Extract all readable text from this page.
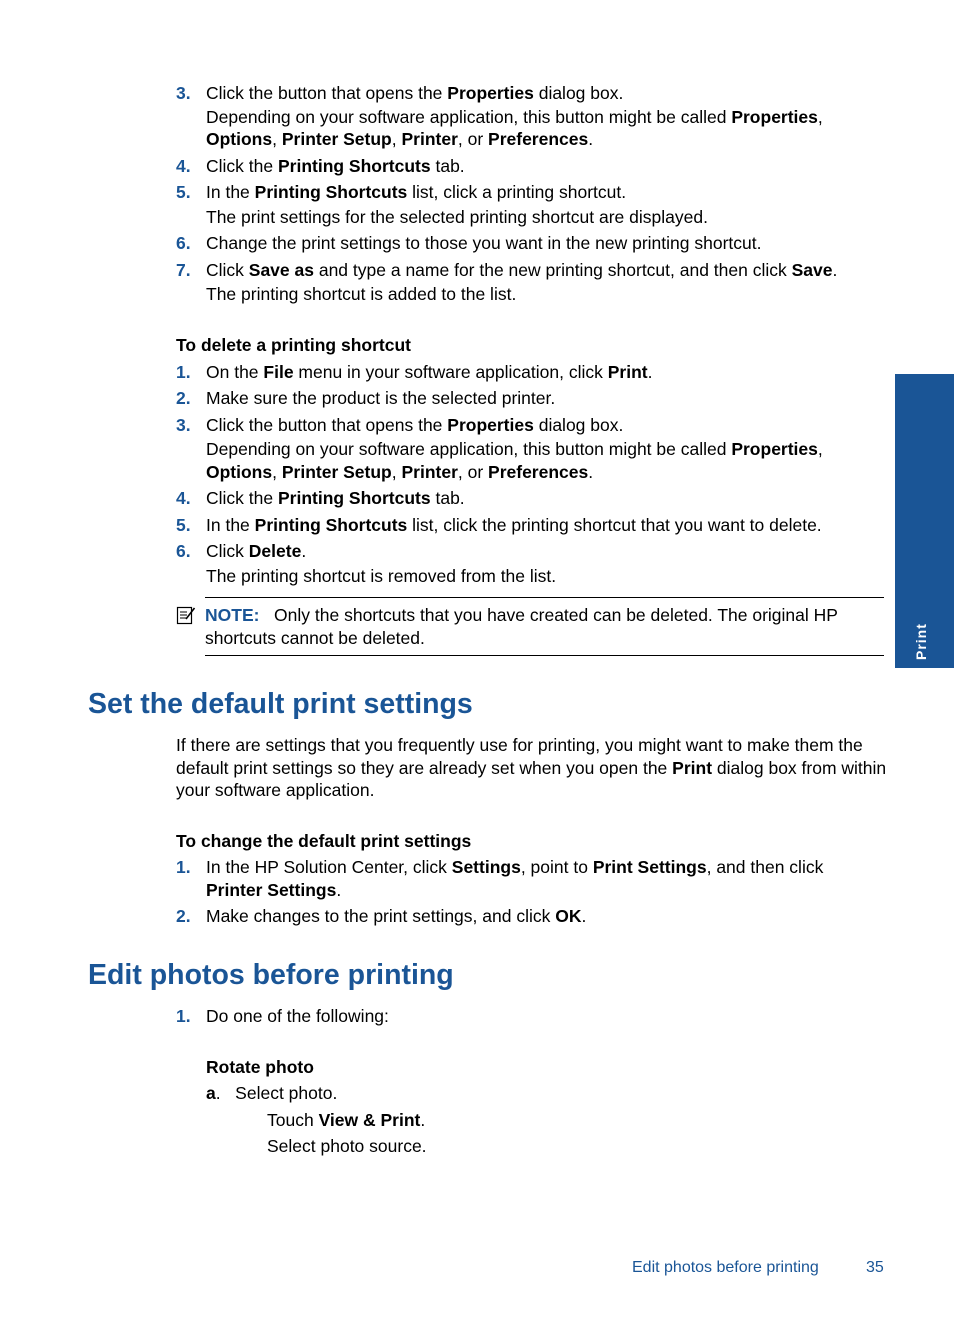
3. Click the button that opens the Properties dialog box.
Depending on your software application, this button might be called Properties,
Options, Printer Setup, Printer, or Preferences.
4. Click the Printing Shortcuts tab.
5. In the Printing Shortcuts list, click a printing shortcut.
The print settings for the selected printing shortcut are displayed.
6. Change the print settings to those you want in the new printing shortcut.
7. Click Save as and type a name for the new printing shortcut, and then click Save.
The printing shortcut is added to the list.
To delete a printing shortcut
1. On the File menu in your software application, click Print.
2. Make sure the product is the selected printer.
3. Click the button that opens the Properties dialog box.
Depending on your software application, this button might be called Properties,
Options, Printer Setup, Printer, or Preferences.
4. Click the Printing Shortcuts tab.
5. In the Printing Shortcuts list, click the printing shortcut that you want to delete.
6. Click Delete.
The printing shortcut is removed from the list.
NOTE: Only the shortcuts that you have created can be deleted. The original HP
shortcuts cannot be deleted.	Print
Set the default print settings
If there are settings that you frequently use for printing, you might want to make them the default print settings so they are already set when you open the Print dialog box from within your software application.
To change the default print settings
1. In the HP Solution Center, click Settings, point to Print Settings, and then click
Printer Settings.
2. Make changes to the print settings, and click OK.
Edit photos before printing
1. Do one of the following:
Rotate photo
a.   Select photo.
Touch View & Print.
Select photo source.
Edit photos before printing	35
